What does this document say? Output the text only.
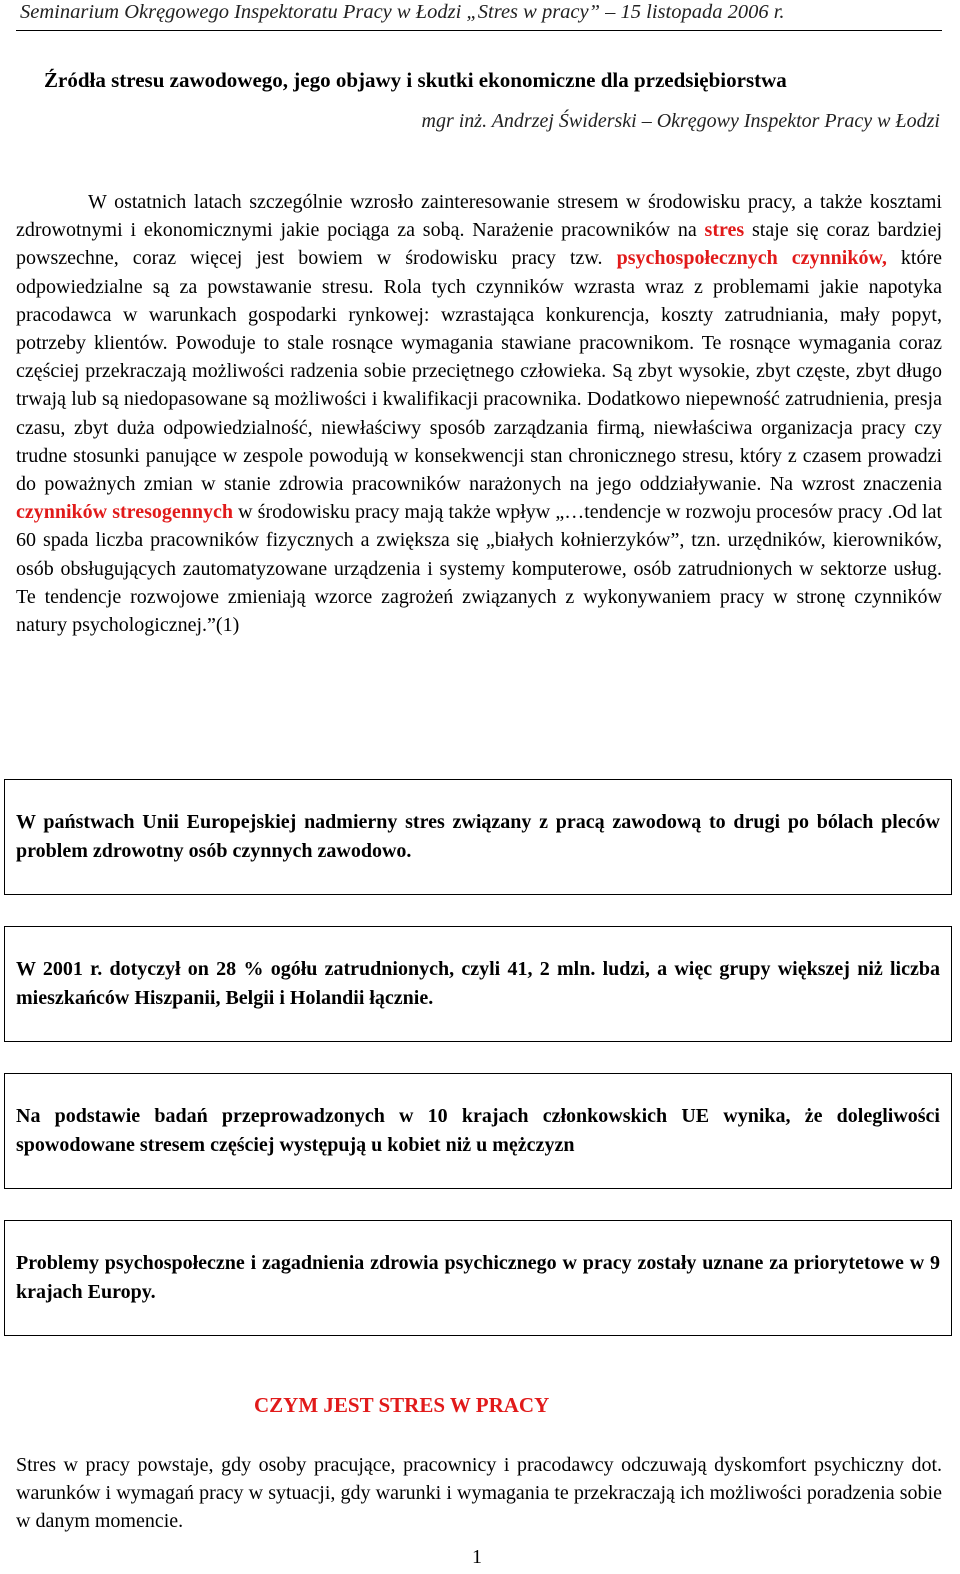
Seminarium Okręgowego Inspektoratu Pracy w Łodzi „Stres w pracy” – 15 listopada 2006 r.
Źródła stresu zawodowego, jego objawy i skutki ekonomiczne dla przedsiębiorstwa
mgr inż. Andrzej Świderski – Okręgowy Inspektor Pracy w Łodzi
W ostatnich latach szczególnie wzrosło zainteresowanie stresem w środowisku pracy, a także kosztami zdrowotnymi i ekonomicznymi jakie pociąga za sobą. Narażenie pracowników na stres staje się coraz bardziej powszechne, coraz więcej jest bowiem w środowisku pracy tzw. psychospołecznych czynników, które odpowiedzialne są za powstawanie stresu. Rola tych czynników wzrasta wraz z problemami jakie napotyka pracodawca w warunkach gospodarki rynkowej: wzrastająca konkurencja, koszty zatrudniania, mały popyt, potrzeby klientów. Powoduje to stale rosnące wymagania stawiane pracownikom. Te rosnące wymagania coraz częściej przekraczają możliwości radzenia sobie przeciętnego człowieka. Są zbyt wysokie, zbyt częste, zbyt długo trwają lub są niedopasowane są możliwości i kwalifikacji pracownika. Dodatkowo niepewność zatrudnienia, presja czasu, zbyt duża odpowiedzialność, niewłaściwy sposób zarządzania firmą, niewłaściwa organizacja pracy czy trudne stosunki panujące w zespole powodują w konsekwencji stan chronicznego stresu, który z czasem prowadzi do poważnych zmian w stanie zdrowia pracowników narażonych na jego oddziaływanie. Na wzrost znaczenia czynników stresogennych w środowisku pracy mają także wpływ „…tendencje w rozwoju procesów pracy .Od lat 60 spada liczba pracowników fizycznych a zwiększa się „białych kołnierzyków”, tzn. urzędników, kierowników, osób obsługujących zautomatyzowane urządzenia i systemy komputerowe, osób zatrudnionych w sektorze usług. Te tendencje rozwojowe zmieniają wzorce zagrożeń związanych z wykonywaniem pracy w stronę czynników natury psychologicznej.”(1)
W państwach Unii Europejskiej nadmierny stres związany z pracą zawodową to drugi po bólach pleców problem zdrowotny osób czynnych zawodowo.
W 2001 r. dotyczył on 28 % ogółu zatrudnionych, czyli 41, 2 mln. ludzi, a więc grupy większej niż liczba mieszkańców Hiszpanii, Belgii i Holandii łącznie.
Na podstawie badań przeprowadzonych w 10 krajach członkowskich UE wynika, że dolegliwości spowodowane stresem częściej występują u kobiet niż u mężczyzn
Problemy psychospołeczne i zagadnienia zdrowia psychicznego w pracy zostały uznane za priorytetowe w 9 krajach Europy.
CZYM JEST STRES W PRACY
Stres w pracy powstaje, gdy osoby pracujące, pracownicy i pracodawcy odczuwają dyskomfort psychiczny dot. warunków i wymagań pracy w sytuacji, gdy warunki i wymagania te przekraczają ich możliwości poradzenia sobie w danym momencie.
1
